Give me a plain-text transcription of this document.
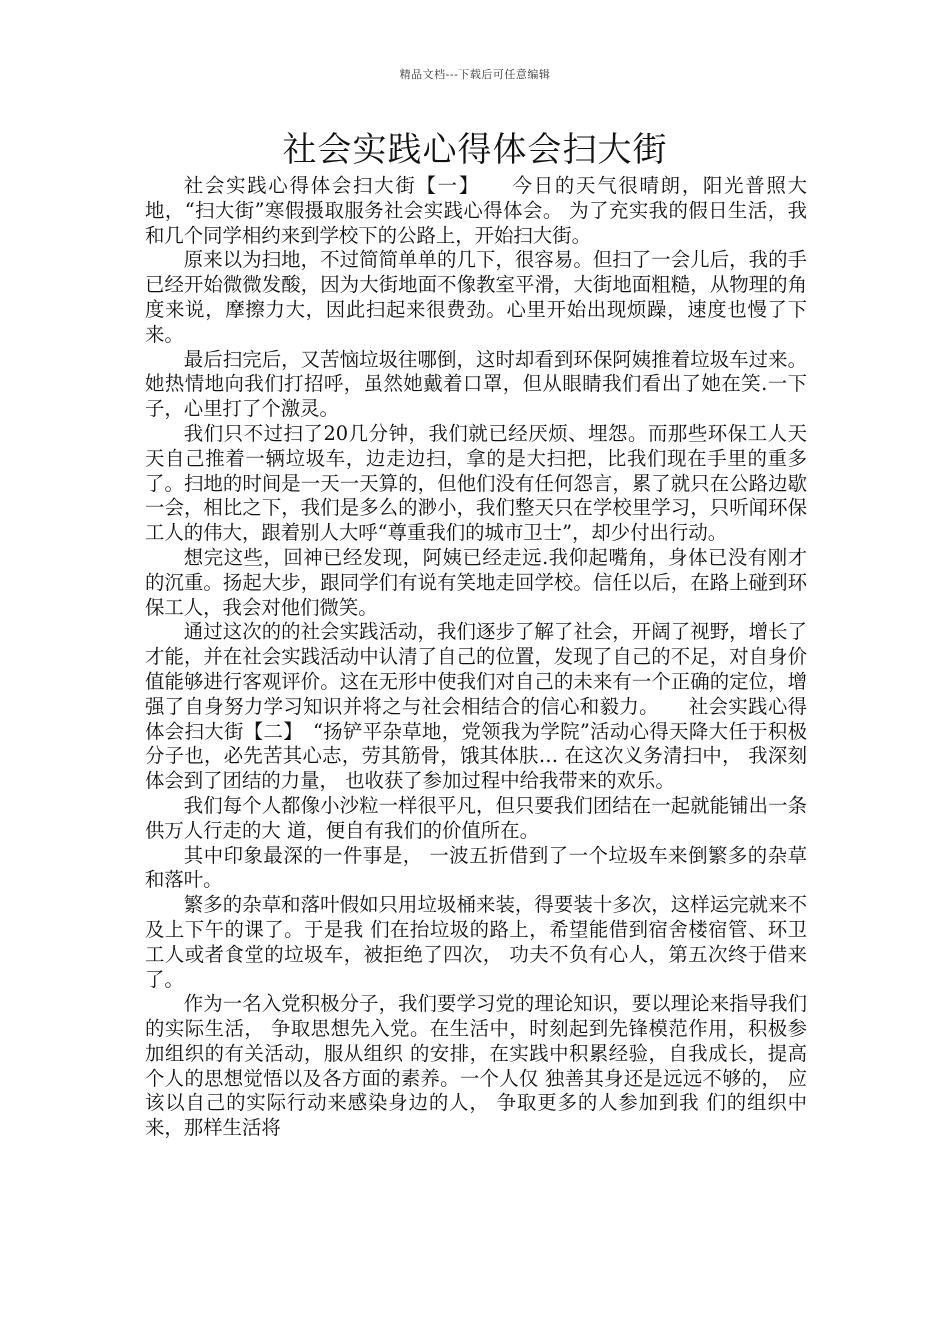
精品文档---下载后可任意编辑
社会实践心得体会扫大街

社会实践心得体会扫大街【一】　　今日的天气很晴朗，阳光普照大地，“扫大街”寒假摄取服务社会实践心得体会。 为了充实我的假日生活，我和几个同学相约来到学校下的公路上，开始扫大街。

原来以为扫地，不过简简单单的几下，很容易。但扫了一会儿后，我的手已经开始微微发酸，因为大街地面不像教室平滑，大街地面粗糙，从物理的角度来说，摩擦力大，因此扫起来很费劲。心里开始出现烦躁，速度也慢了下来。

最后扫完后，又苦恼垃圾往哪倒，这时却看到环保阿姨推着垃圾车过来。她热情地向我们打招呼，虽然她戴着口罩，但从眼睛我们看出了她在笑.一下子，心里打了个激灵。

我们只不过扫了20几分钟，我们就已经厌烦、埋怨。而那些环保工人天天自己推着一辆垃圾车，边走边扫，拿的是大扫把，比我们现在手里的重多了。扫地的时间是一天一天算的，但他们没有任何怨言，累了就只在公路边歇一会，相比之下，我们是多么的渺小，我们整天只在学校里学习，只听闻环保工人的伟大，跟着别人大呼“尊重我们的城市卫士”，却少付出行动。

想完这些，回神已经发现，阿姨已经走远.我仰起嘴角，身体已没有刚才的沉重。扬起大步，跟同学们有说有笑地走回学校。信任以后，在路上碰到环保工人，我会对他们微笑。

通过这次的的社会实践活动，我们逐步了解了社会，开阔了视野，增长了才能，并在社会实践活动中认清了自己的位置，发现了自己的不足，对自身价值能够进行客观评价。这在无形中使我们对自己的未来有一个正确的定位，增强了自身努力学习知识并将之与社会相结合的信心和毅力。　　社会实践心得体会扫大街【二】　“扬铲平杂草地，党领我为学院”活动心得天降大任于积极分子也，必先苦其心志，劳其筋骨，饿其体肤… 在这次义务清扫中， 我深刻体会到了团结的力量， 也收获了参加过程中给我带来的欢乐。

我们每个人都像小沙粒一样很平凡，但只要我们团结在一起就能铺出一条供万人行走的大 道，便自有我们的价值所在。

其中印象最深的一件事是， 一波五折借到了一个垃圾车来倒繁多的杂草和落叶。

繁多的杂草和落叶假如只用垃圾桶来装，得要装十多次，这样运完就来不及上下午的课了。于是我 们在抬垃圾的路上，希望能借到宿舍楼宿管、环卫工人或者食堂的垃圾车，被拒绝了四次， 功夫不负有心人，第五次终于借来了。

作为一名入党积极分子，我们要学习党的理论知识，要以理论来指导我们的实际生活， 争取思想先入党。在生活中，时刻起到先锋模范作用，积极参加组织的有关活动，服从组织 的安排，在实践中积累经验，自我成长，提高个人的思想觉悟以及各方面的素养。一个人仅 独善其身还是远远不够的， 应该以自己的实际行动来感染身边的人， 争取更多的人参加到我 们的组织中来，那样生活将
